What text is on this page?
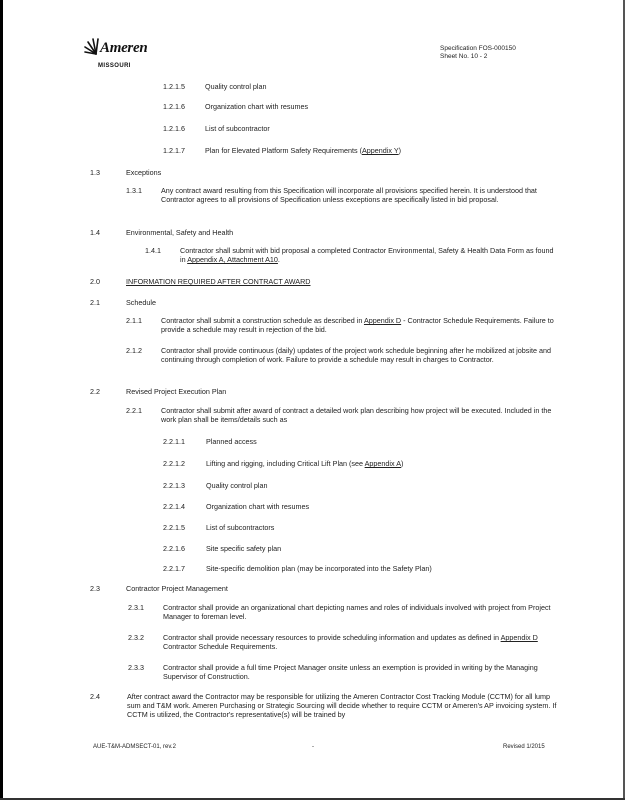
Ameren
MISSOURI
Specification FOS-000150
Sheet No. 10 - 2
1.2.1.5	Quality control plan
1.2.1.6	Organization chart with resumes
1.2.1.6	List of subcontractor
1.2.1.7	Plan for Elevated Platform Safety Requirements (Appendix Y)
1.3	Exceptions
1.3.1	Any contract award resulting from this Specification will incorporate all provisions specified herein. It is understood that Contractor agrees to all provisions of Specification unless exceptions are specifically listed in bid proposal.
1.4	Environmental, Safety and Health
1.4.1	Contractor shall submit with bid proposal a completed Contractor Environmental, Safety & Health Data Form as found in Appendix A, Attachment A10.
2.0	INFORMATION REQUIRED AFTER CONTRACT AWARD
2.1	Schedule
2.1.1	Contractor shall submit a construction schedule as described in Appendix D - Contractor Schedule Requirements. Failure to provide a schedule may result in rejection of the bid.
2.1.2	Contractor shall provide continuous (daily) updates of the project work schedule beginning after he mobilized at jobsite and continuing through completion of work. Failure to provide a schedule may result in charges to Contractor.
2.2	Revised Project Execution Plan
2.2.1	Contractor shall submit after award of contract a detailed work plan describing how project will be executed. Included in the work plan shall be items/details such as
2.2.1.1	Planned access
2.2.1.2	Lifting and rigging, including Critical Lift Plan (see Appendix A)
2.2.1.3	Quality control plan
2.2.1.4	Organization chart with resumes
2.2.1.5	List of subcontractors
2.2.1.6	Site specific safety plan
2.2.1.7	Site-specific demolition plan (may be incorporated into the Safety Plan)
2.3	Contractor Project Management
2.3.1	Contractor shall provide an organizational chart depicting names and roles of individuals involved with project from Project Manager to foreman level.
2.3.2	Contractor shall provide necessary resources to provide scheduling information and updates as defined in Appendix D Contractor Schedule Requirements.
2.3.3	Contractor shall provide a full time Project Manager onsite unless an exemption is provided in writing by the Managing Supervisor of Construction.
2.4	After contract award the Contractor may be responsible for utilizing the Ameren Contractor Cost Tracking Module (CCTM) for all lump sum and T&M work. Ameren Purchasing or Strategic Sourcing will decide whether to require CCTM or Ameren's AP invoicing system. If CCTM is utilized, the Contractor's representative(s) will be trained by
AUE-T&M-ADMSECT-01, rev.2	-	Revised 1/2015
